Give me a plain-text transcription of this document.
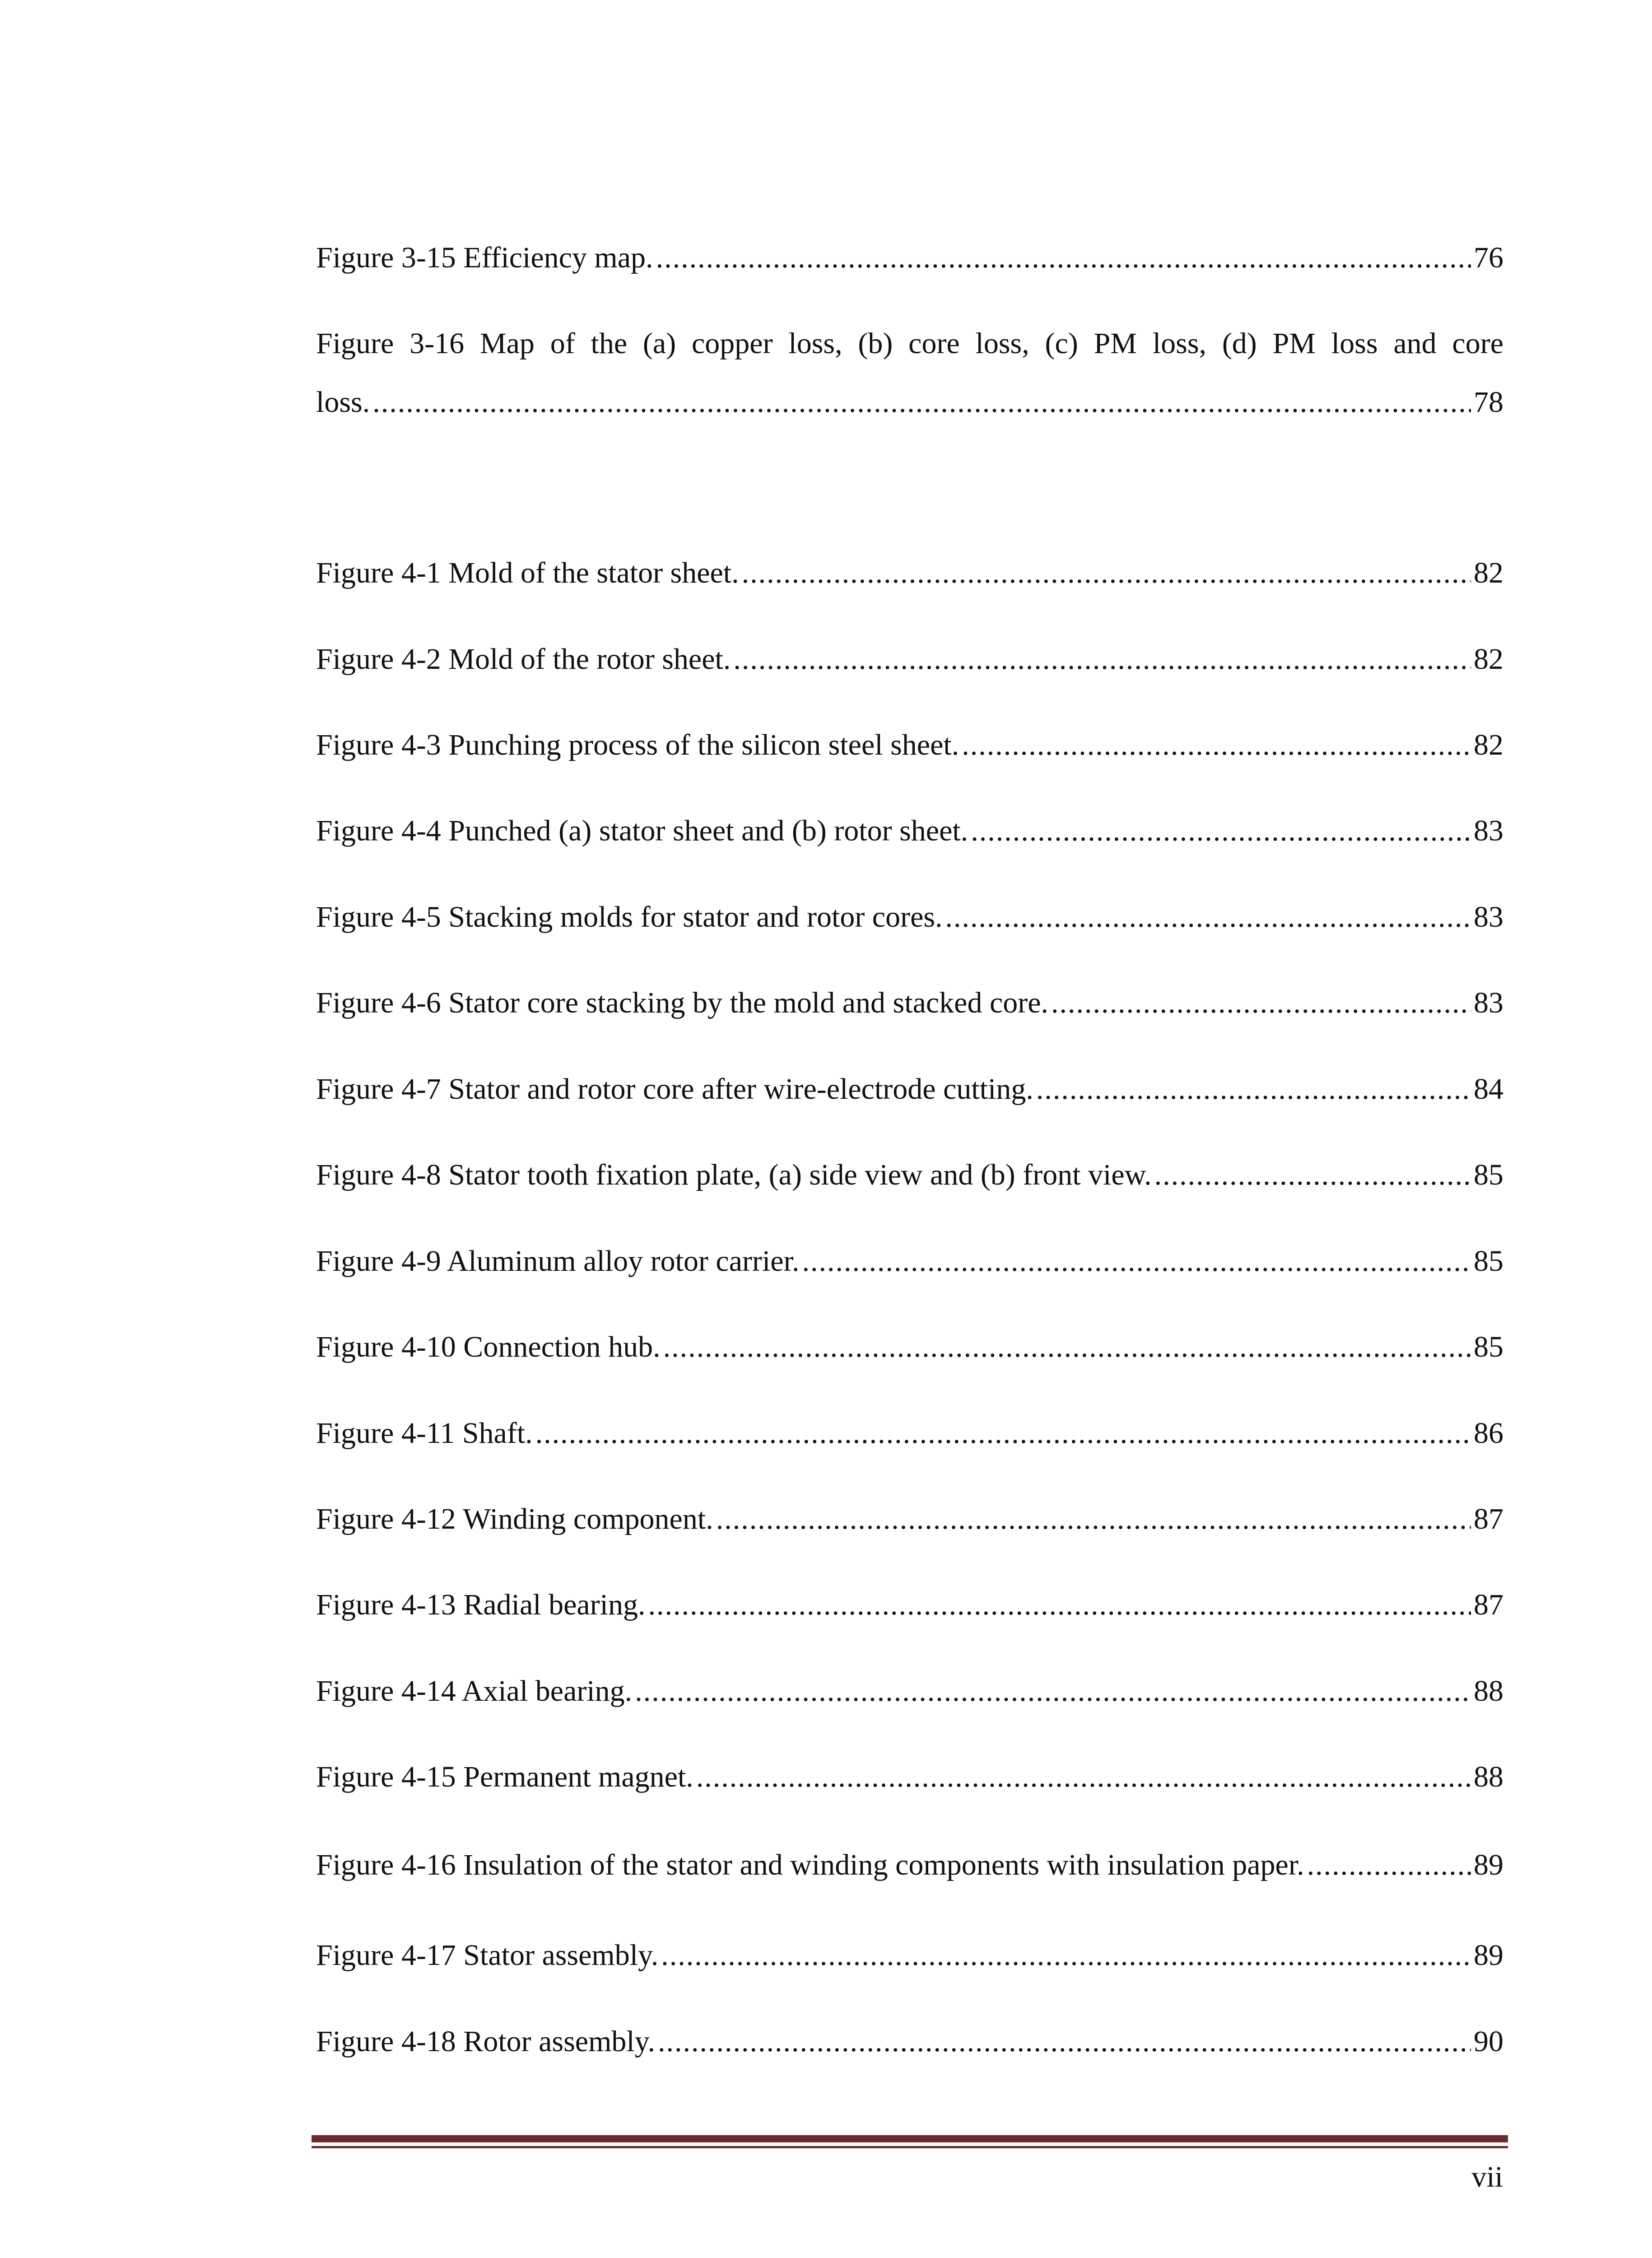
Figure 3-15 Efficiency map. .....	76
Figure 3-16 Map of the (a) copper loss, (b) core loss, (c) PM loss, (d) PM loss and core
loss. .....	78
Figure 4-1 Mold of the stator sheet. .....	82
Figure 4-2 Mold of the rotor sheet. .....	82
Figure 4-3 Punching process of the silicon steel sheet. .....	82
Figure 4-4 Punched (a) stator sheet and (b) rotor sheet. .....	83
Figure 4-5 Stacking molds for stator and rotor cores. .....	83
Figure 4-6 Stator core stacking by the mold and stacked core. .....	83
Figure 4-7 Stator and rotor core after wire-electrode cutting. .....	84
Figure 4-8 Stator tooth fixation plate, (a) side view and (b) front view. .....	85
Figure 4-9 Aluminum alloy rotor carrier. .....	85
Figure 4-10 Connection hub. .....	85
Figure 4-11 Shaft. .....	86
Figure 4-12 Winding component. .....	87
Figure 4-13 Radial bearing. .....	87
Figure 4-14 Axial bearing. .....	88
Figure 4-15 Permanent magnet. .....	88
Figure 4-16 Insulation of the stator and winding components with insulation paper. .....	89
Figure 4-17 Stator assembly. .....	89
Figure 4-18 Rotor assembly. .....	90
vii
